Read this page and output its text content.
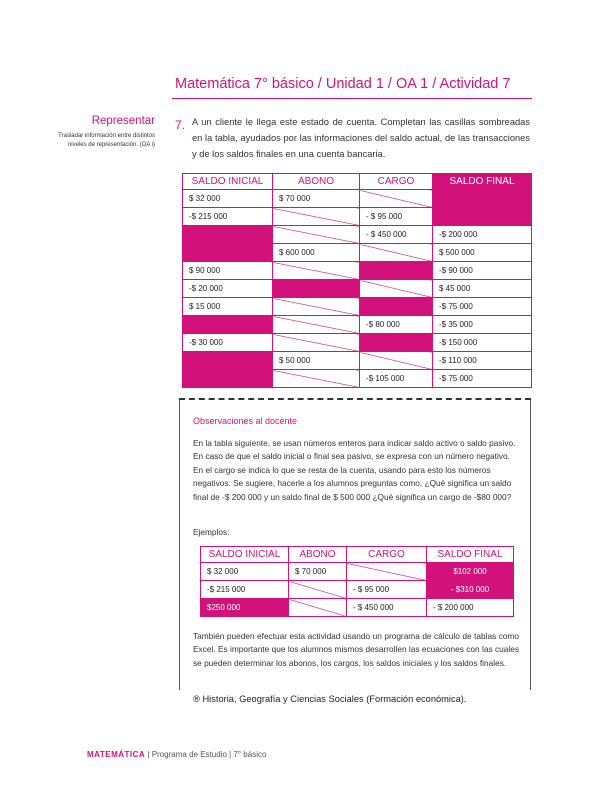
Matemática 7° básico / Unidad 1 / OA 1 / Actividad 7
Representar
Trasladar información entre distintos niveles de representación. (OA i)
7. A un cliente le llega este estado de cuenta. Completan las casillas sombreadas en la tabla, ayudados por las informaciones del saldo actual, de las transacciones y de los saldos finales en una cuenta bancaria.
SALDO INICIAL	ABONO	CARGO	SALDO FINAL
$ 32 000	$ 70 000		
-$ 215 000		- $ 95 000	
		- $ 450 000	-$ 200 000
	$ 600 000		$ 500 000
$ 90 000			-$ 90 000
-$ 20 000			$ 45 000
$ 15 000			-$ 75 000
		-$ 80 000	-$ 35 000
-$ 30 000			-$ 150 000
	$ 50 000		-$ 110 000
		-$ 105 000	-$ 75 000
Observaciones al docente
En la tabla siguiente, se usan números enteros para indicar saldo activo o saldo pasivo. En caso de que el saldo inicial o final sea pasivo, se expresa con un número negativo. En el cargo se indica lo que se resta de la cuenta, usando para esto los números negativos. Se sugiere, hacerle a los alumnos preguntas como, ¿Qué significa un saldo final de -$ 200 000 y un saldo final de $ 500 000 ¿Qué significa un cargo de -$80 000?
Ejemplos:
SALDO INICIAL	ABONO	CARGO	SALDO FINAL
$ 32 000	$ 70 000		$102 000
-$ 215 000		- $ 95 000	- $310 000
$250 000		- $ 450 000	- $ 200 000
También pueden efectuar esta actividad usando un programa de cálculo de tablas como Excel. Es importante que los alumnos mismos desarrollen las ecuaciones con las cuales se pueden determinar los abonos, los cargos, los saldos iniciales y los saldos finales.
® Historia, Geografía y Ciencias Sociales (Formación económica).
MATEMÁTICA | Programa de Estudio | 7° básico
